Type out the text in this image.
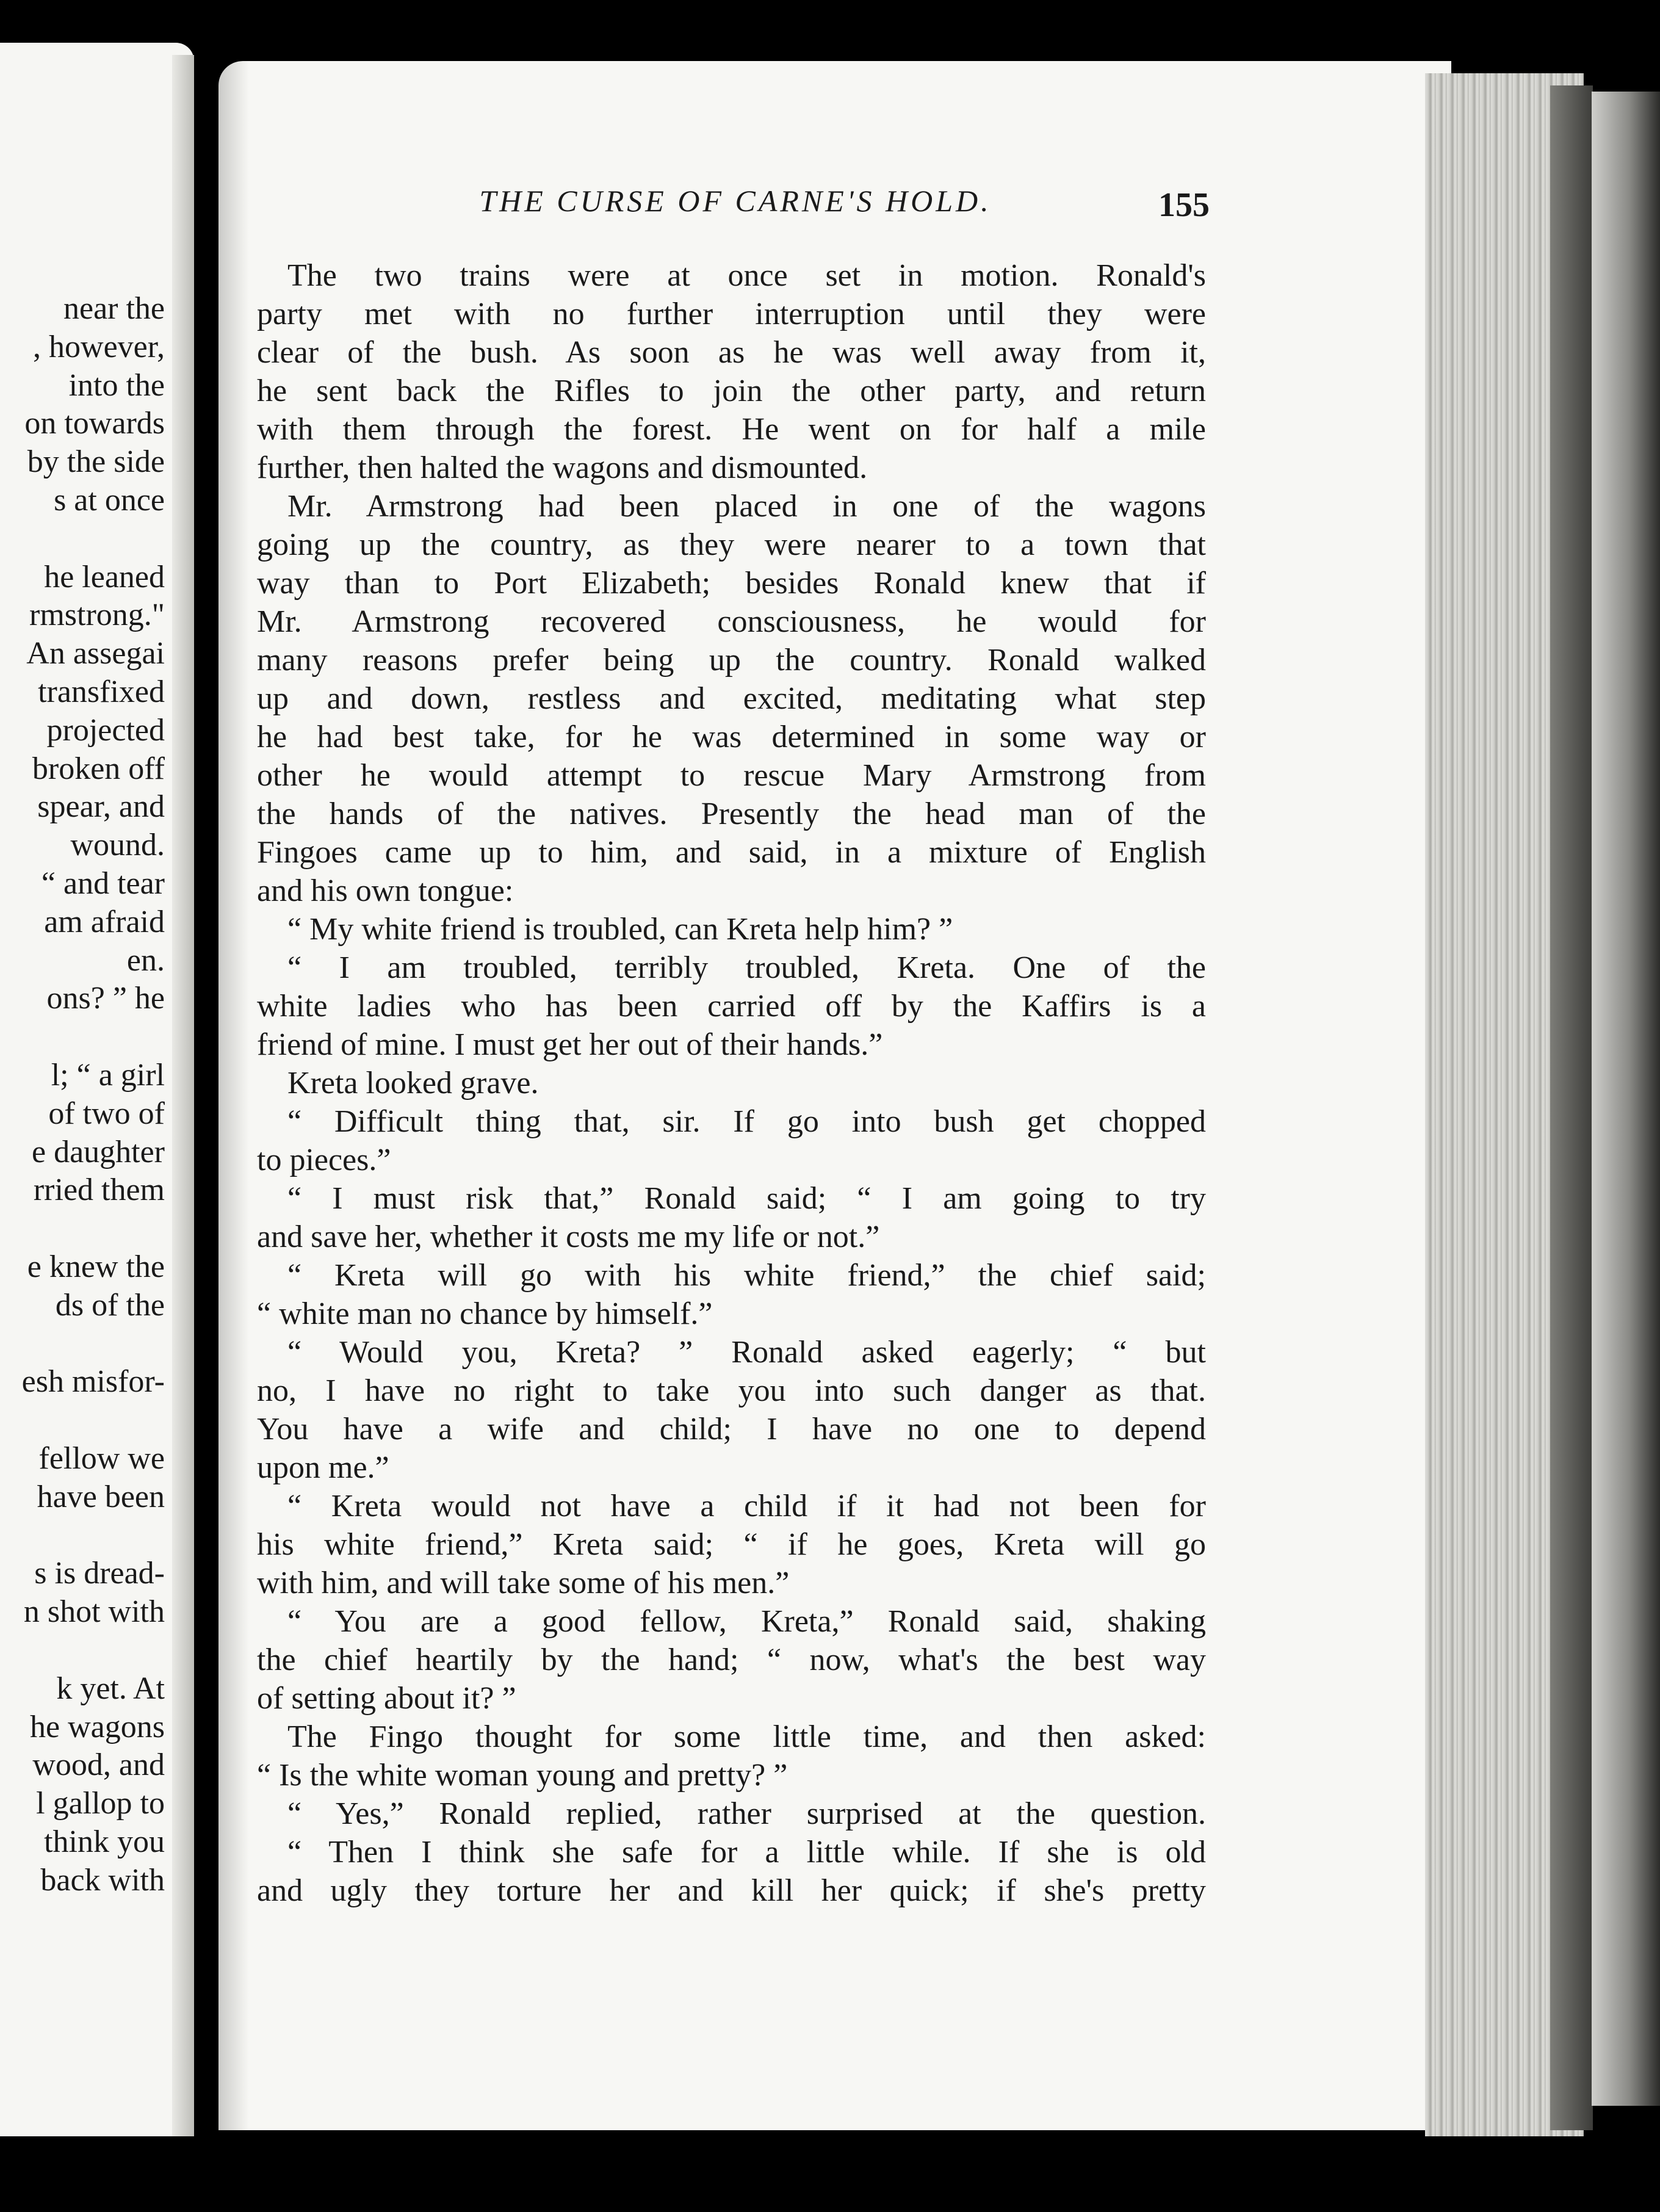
near the
, however,
into the
on towards
by the side
s at once
he leaned
rmstrong."
An assegai
transfixed
projected
broken off
spear, and
wound.
“ and tear
am afraid
en.
ons? ” he
l; “ a girl
of two of
e daughter
rried them
e knew the
ds of the
esh misfor-
fellow we
have been
s is dread-
n shot with
k yet. At
he wagons
wood, and
l gallop to
think you
back with
THE CURSE OF CARNE'S HOLD.	155
The two trains were at once set in motion. Ronald's
party met with no further interruption until they were
clear of the bush. As soon as he was well away from it,
he sent back the Rifles to join the other party, and return
with them through the forest. He went on for half a mile
further, then halted the wagons and dismounted.
Mr. Armstrong had been placed in one of the wagons
going up the country, as they were nearer to a town that
way than to Port Elizabeth; besides Ronald knew that if
Mr. Armstrong recovered consciousness, he would for
many reasons prefer being up the country. Ronald walked
up and down, restless and excited, meditating what step
he had best take, for he was determined in some way or
other he would attempt to rescue Mary Armstrong from
the hands of the natives. Presently the head man of the
Fingoes came up to him, and said, in a mixture of English
and his own tongue:
“ My white friend is troubled, can Kreta help him? ”
“ I am troubled, terribly troubled, Kreta. One of the
white ladies who has been carried off by the Kaffirs is a
friend of mine. I must get her out of their hands.”
Kreta looked grave.
“ Difficult thing that, sir. If go into bush get chopped
to pieces.”
“ I must risk that,” Ronald said; “ I am going to try
and save her, whether it costs me my life or not.”
“ Kreta will go with his white friend,” the chief said;
“ white man no chance by himself.”
“ Would you, Kreta? ” Ronald asked eagerly; “ but
no, I have no right to take you into such danger as that.
You have a wife and child; I have no one to depend
upon me.”
“ Kreta would not have a child if it had not been for
his white friend,” Kreta said; “ if he goes, Kreta will go
with him, and will take some of his men.”
“ You are a good fellow, Kreta,” Ronald said, shaking
the chief heartily by the hand; “ now, what's the best way
of setting about it? ”
The Fingo thought for some little time, and then asked:
“ Is the white woman young and pretty? ”
“ Yes,” Ronald replied, rather surprised at the question.
“ Then I think she safe for a little while. If she is old
and ugly they torture her and kill her quick; if she's pretty
